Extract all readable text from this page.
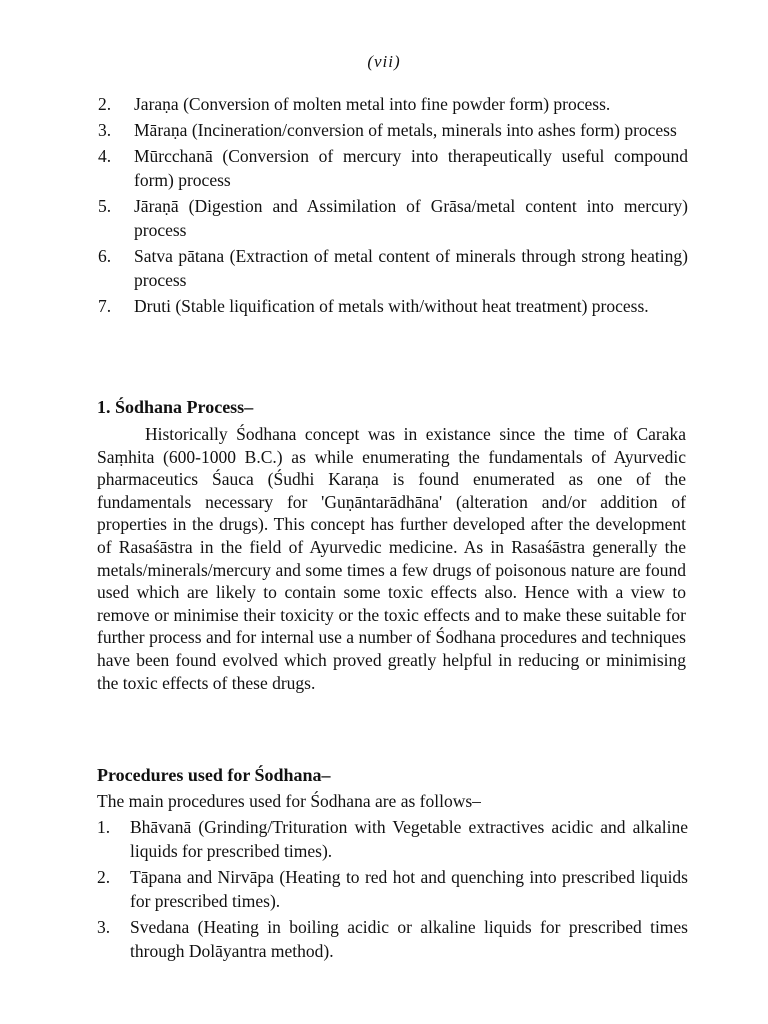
(vii)
2. Jaraṇa (Conversion of molten metal into fine powder form) process.
3. Māraṇa (Incineration/conversion of metals, minerals into ashes form) process
4. Mūrcchanā (Conversion of mercury into therapeutically useful compound form) process
5. Jāraṇā (Digestion and Assimilation of Grāsa/metal content into mercury) process
6. Satva pātana (Extraction of metal content of minerals through strong heating) process
7. Druti (Stable liquification of metals with/without heat treatment) process.
1. Śodhana Process–

Historically Śodhana concept was in existance since the time of Caraka Saṃhita (600-1000 B.C.) as while enumerating the fundamentals of Ayurvedic pharmaceutics Śauca (Śudhi Karaṇa is found enumerated as one of the fundamentals necessary for 'Guṇāntarādhāna' (alteration and/or addition of properties in the drugs). This concept has further developed after the development of Rasaśāstra in the field of Ayurvedic medicine. As in Rasaśāstra generally the metals/minerals/mercury and some times a few drugs of poisonous nature are found used which are likely to contain some toxic effects also. Hence with a view to remove or minimise their toxicity or the toxic effects and to make these suitable for further process and for internal use a number of Śodhana procedures and techniques have been found evolved which proved greatly helpful in reducing or minimising the toxic effects of these drugs.

Procedures used for Śodhana–

The main procedures used for Śodhana are as follows–

1. Bhāvanā (Grinding/Trituration with Vegetable extractives acidic and alkaline liquids for prescribed times).
2. Tāpana and Nirvāpa (Heating to red hot and quenching into prescribed liquids for prescribed times).
3. Svedana (Heating in boiling acidic or alkaline liquids for prescribed times through Dolāyantra method).
